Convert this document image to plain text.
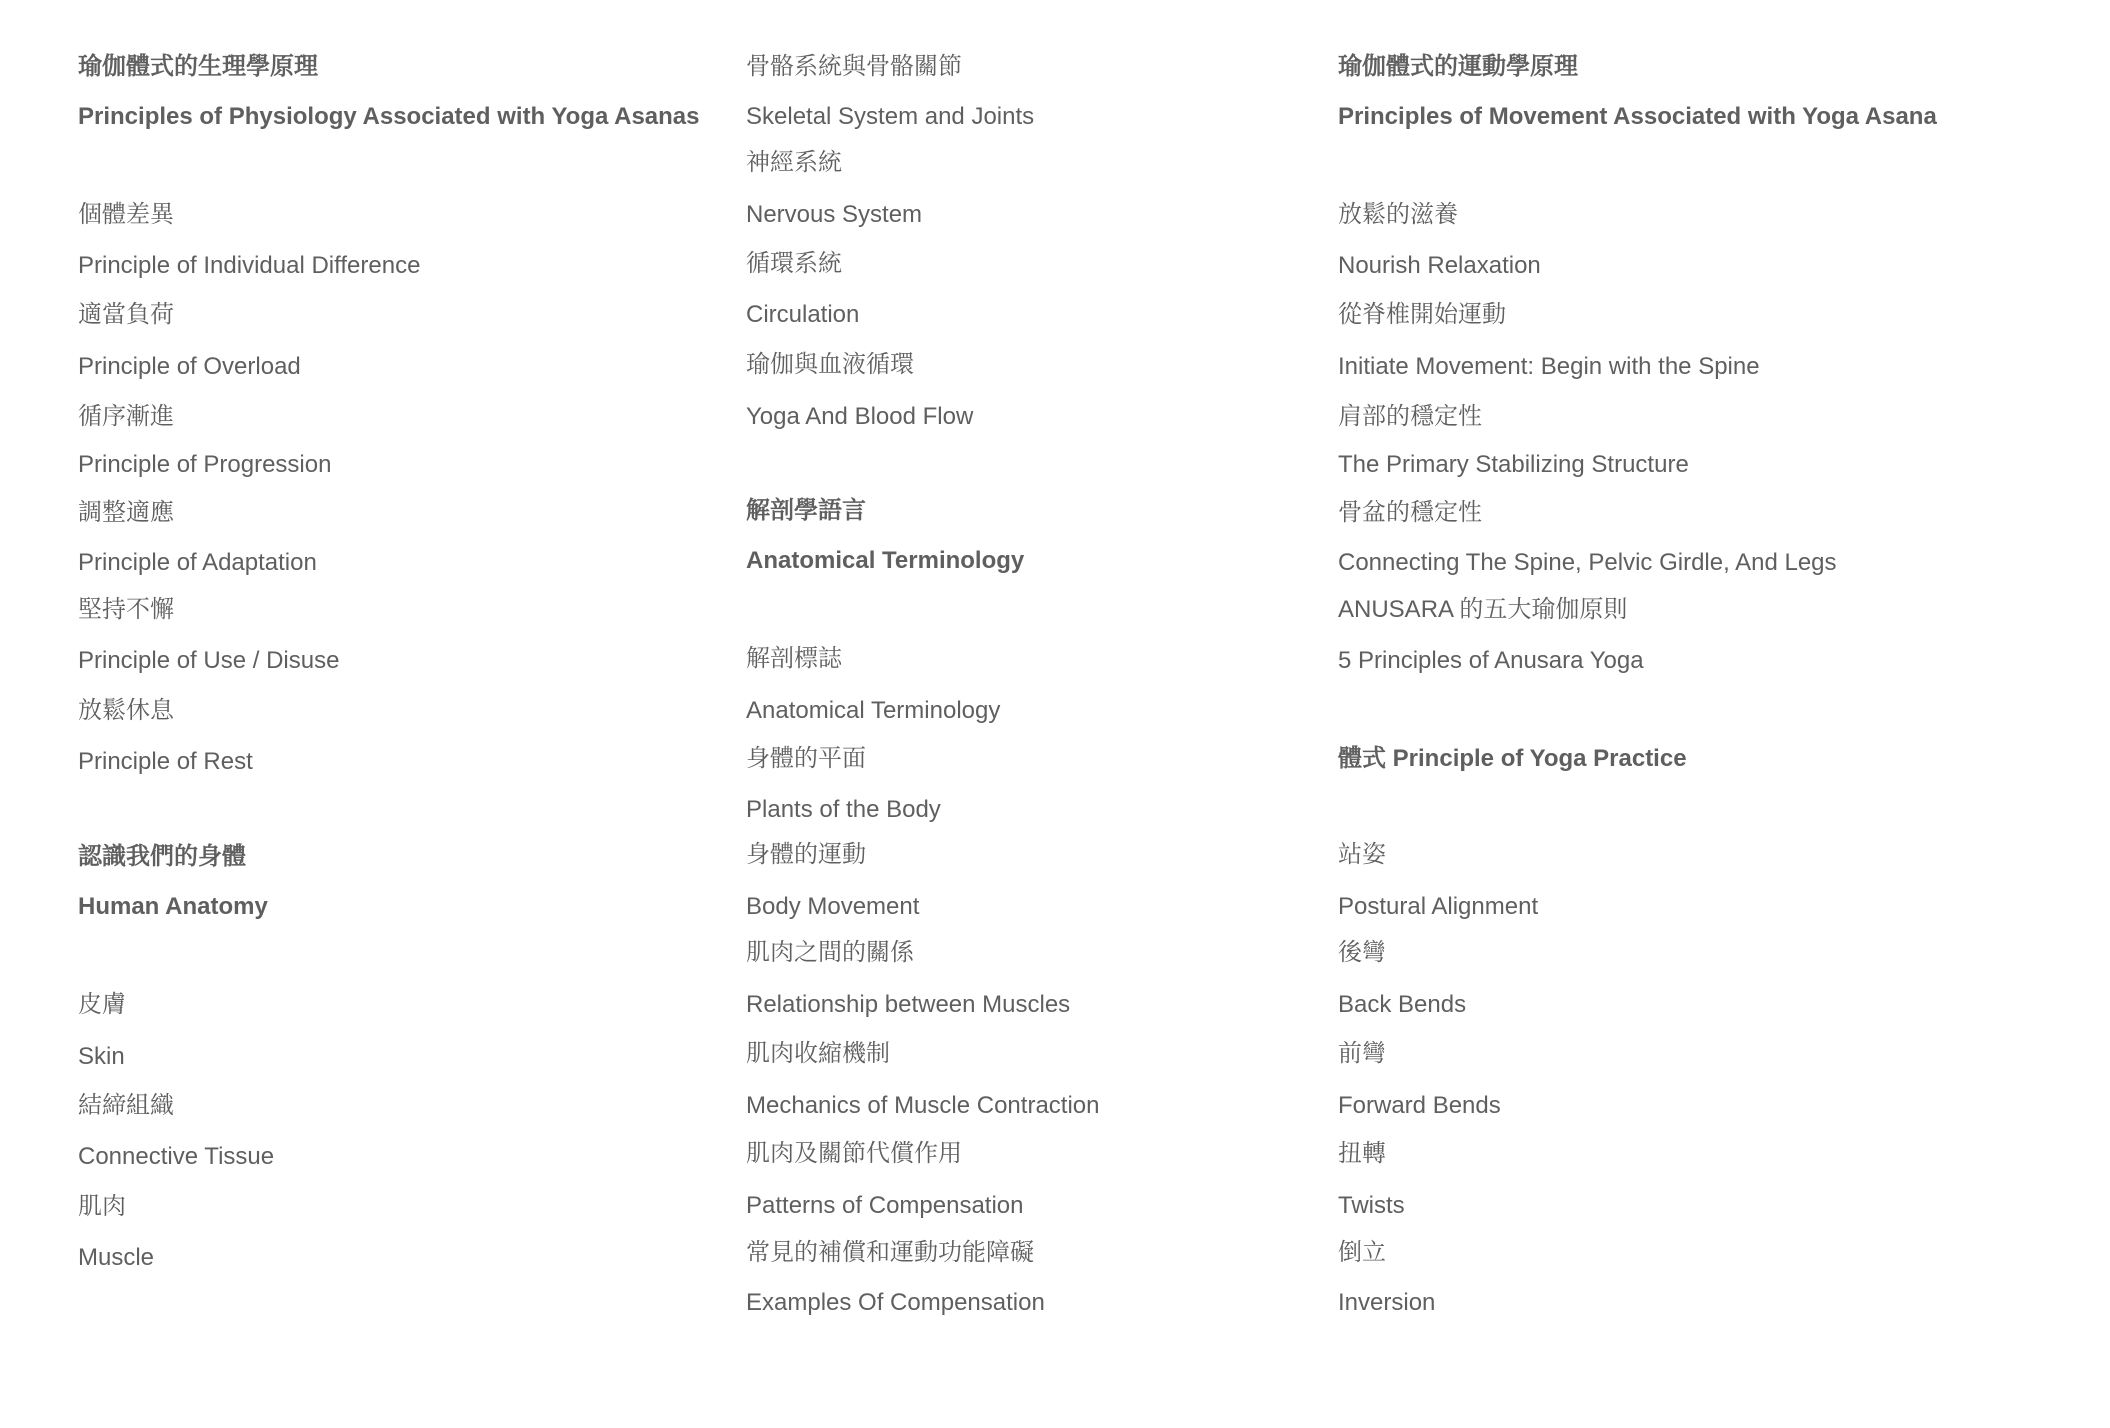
瑜伽體式的生理學原理
Principles of Physiology Associated with Yoga Asanas
個體差異
Principle of Individual Difference
適當負荷
Principle of Overload
循序漸進
Principle of Progression
調整適應
Principle of Adaptation
堅持不懈
Principle of Use / Disuse
放鬆休息
Principle of Rest
認識我們的身體
Human Anatomy
皮膚
Skin
結締組織
Connective Tissue
肌肉
Muscle
骨骼系統與骨骼關節
Skeletal System and Joints
神經系統
Nervous System
循環系統
Circulation
瑜伽與血液循環
Yoga And Blood Flow
解剖學語言
Anatomical Terminology
解剖標誌
Anatomical Terminology
身體的平面
Plants of the Body
身體的運動
Body Movement
肌肉之間的關係
Relationship between Muscles
肌肉收縮機制
Mechanics of Muscle Contraction
肌肉及關節代償作用
Patterns of Compensation
常見的補償和運動功能障礙
Examples Of Compensation
瑜伽體式的運動學原理
Principles of Movement Associated with Yoga Asana
放鬆的滋養
Nourish Relaxation
從脊椎開始運動
Initiate Movement: Begin with the Spine
肩部的穩定性
The Primary Stabilizing Structure
骨盆的穩定性
Connecting The Spine, Pelvic Girdle, And Legs
ANUSARA 的五大瑜伽原則
5 Principles of Anusara Yoga
體式 Principle of Yoga Practice
站姿
Postural Alignment
後彎
Back Bends
前彎
Forward Bends
扭轉
Twists
倒立
Inversion
